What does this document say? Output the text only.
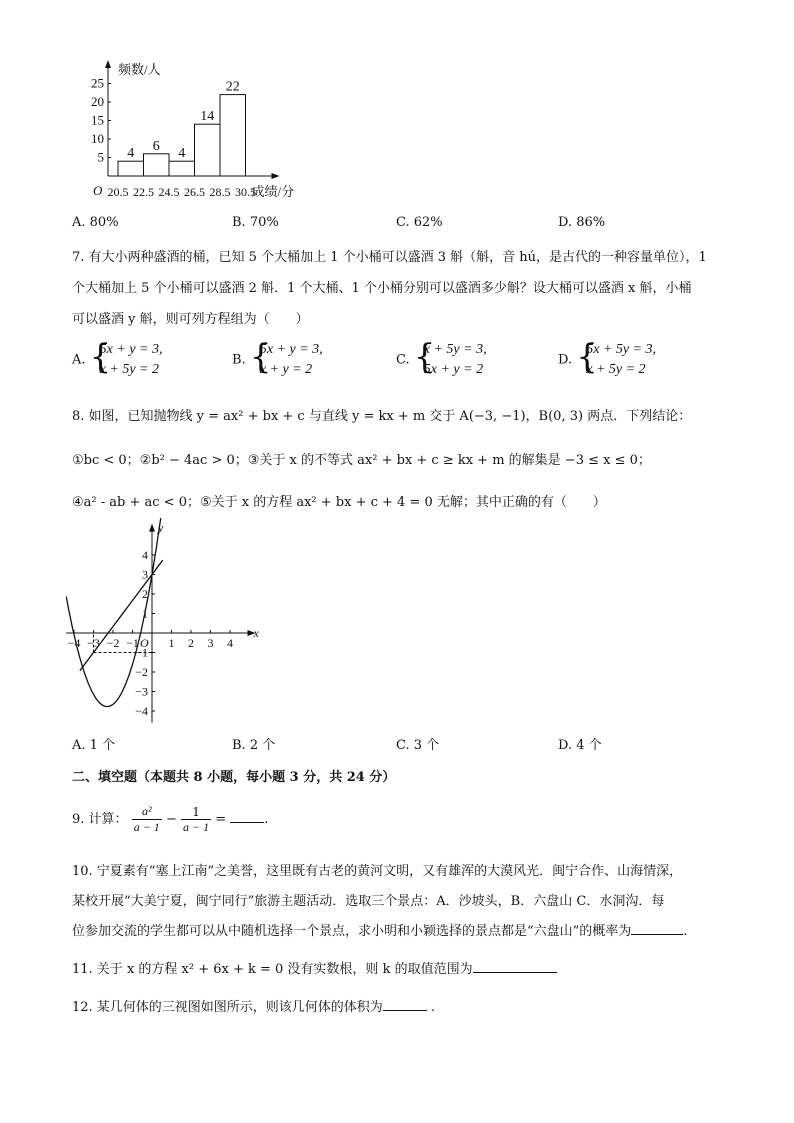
频数/人
成绩/分
O
5
10
15
20
25
20.5 22.5 24.5 26.5 28.5 30.5
4 6 4
14
22
A. 80%	B. 70%	C. 62%	D. 86%
7. 有大小两种盛酒的桶，已知 5 个大桶加上 1 个小桶可以盛酒 3 斛（斛，音 hú，是古代的一种容量单位），1
个大桶加上 5 个小桶可以盛酒 2 斛．1 个大桶、1 个小桶分别可以盛酒多少斛？设大桶可以盛酒 x 斛，小桶
可以盛酒 y 斛，则可列方程组为（　　）
A. {
5x + y = 3,
x + 5y = 2
B. {
5x + y = 3,
x + y = 2
C. {
x + 5y = 3,
5x + y = 2
D. {
5x + 5y = 3,
x + 5y = 2
8. 如图，已知抛物线 y = ax² + bx + c 与直线 y = kx + m 交于 A(−3, −1)，B(0, 3) 两点．下列结论：
①bc < 0；②b² − 4ac > 0；③关于 x 的不等式 ax² + bx + c ≥ kx + m 的解集是 −3 ≤ x ≤ 0；
④a² - ab + ac < 0；⑤关于 x 的方程 ax² + bx + c + 4 = 0 无解；其中正确的有（　　）
x
y
O
−4 −3 −2 −1 1 2 3 4
4
3
2
1
−1
−2
−3
−4
A. 1 个	B. 2 个	C. 3 个	D. 4 个
二、填空题（本题共 8 小题，每小题 3 分，共 24 分）
9. 计算： $\frac{\text{a²}}{a - 1} - \frac{1}{a - 1}$ =	.
10. 宁夏素有“塞上江南”之美誉，这里既有古老的黄河文明，又有雄浑的大漠风光．闽宁合作、山海情深，
某校开展“大美宁夏，闽宁同行”旅游主题活动．选取三个景点：A．沙坡头，B．六盘山 C．水洞沟．每
位参加交流的学生都可以从中随机选择一个景点，求小明和小颖选择的景点都是“六盘山”的概率为	.
11. 关于 x 的方程 x² + 6x + k = 0 没有实数根，则 k 的取值范围为
12. 某几何体的三视图如图所示，则该几何体的体积为	.
